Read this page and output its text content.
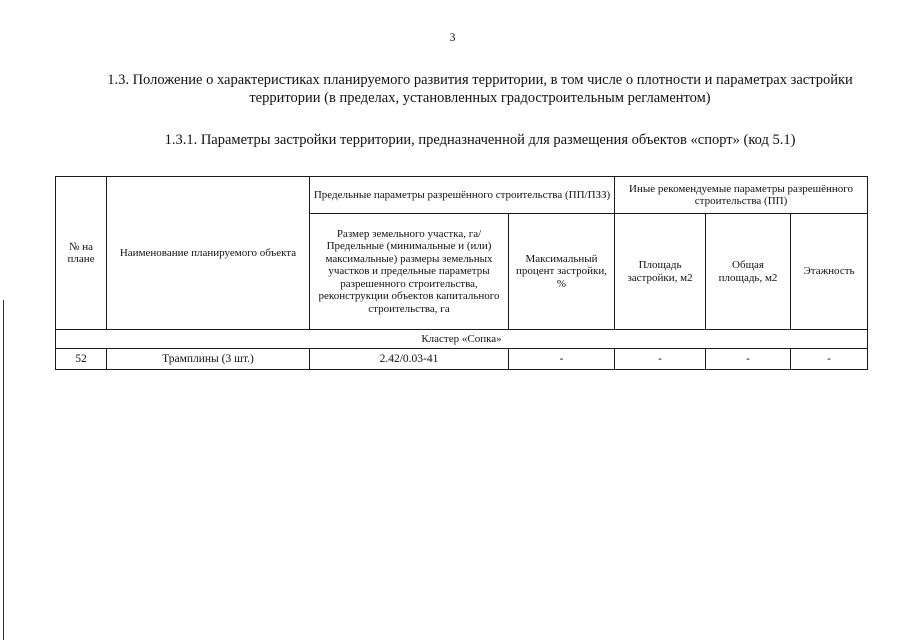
3
1.3. Положение о характеристиках планируемого развития территории, в том числе о плотности и параметрах застройки территории (в пределах, установленных градостроительным регламентом)
1.3.1. Параметры застройки территории, предназначенной для размещения объектов «спорт» (код 5.1)
№ на плане	Наименование планируемого объекта	Предельные параметры разрешённого строительства (ПП/ПЗЗ)		Иные рекомендуемые параметры разрешённого строительства (ПП)		
		Размер земельного участка, га/ Предельные (минимальные и (или) максимальные) размеры земельных участков и предельные параметры разрешенного строительства, реконструкции объектов капитального строительства, га	Максимальный процент застройки, %	Площадь застройки, м2	Общая площадь, м2	Этажность
Кластер «Сопка»						
52	Трамплины (3 шт.)	2.42/0.03-41	-	-	-	-
